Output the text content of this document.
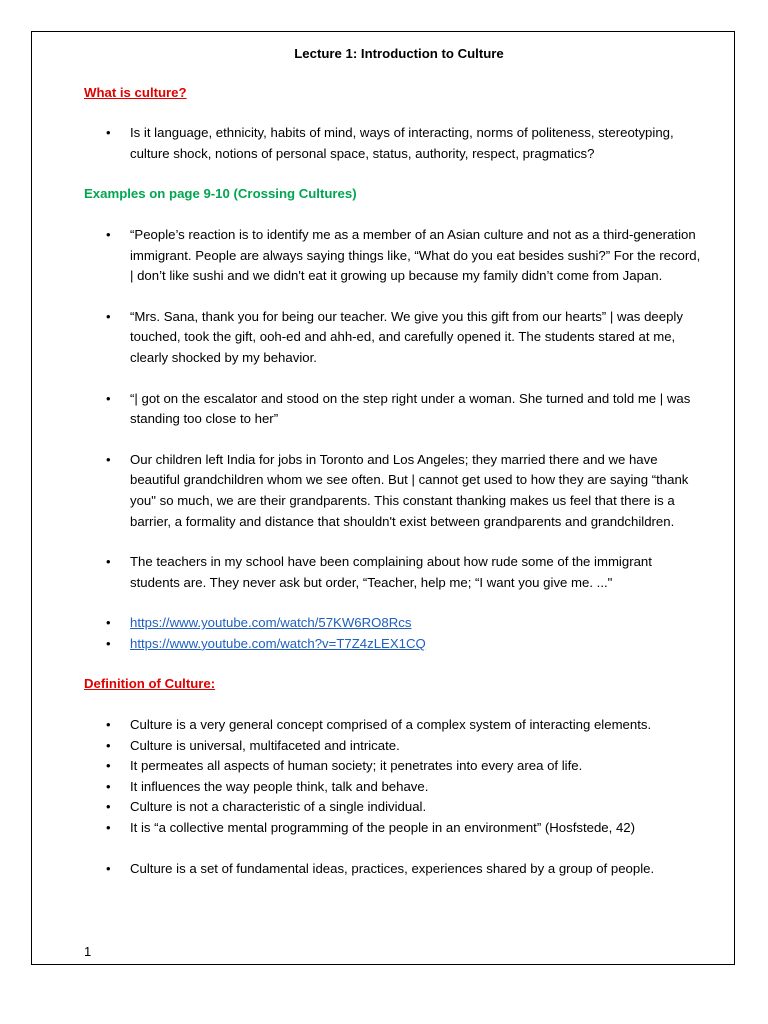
Lecture 1: Introduction to Culture

What is culture?

• Is it language, ethnicity, habits of mind, ways of interacting, norms of politeness, stereotyping, culture shock, notions of personal space, status, authority, respect, pragmatics?

Examples on page 9-10 (Crossing Cultures)

• “People’s reaction is to identify me as a member of an Asian culture and not as a third-generation immigrant. People are always saying things like, “What do you eat besides sushi?” For the record, | don’t like sushi and we didn't eat it growing up because my family didn’t come from Japan.
• “Mrs. Sana, thank you for being our teacher. We give you this gift from our hearts” | was deeply touched, took the gift, ooh-ed and ahh-ed, and carefully opened it. The students stared at me, clearly shocked by my behavior.
• “| got on the escalator and stood on the step right under a woman. She turned and told me | was standing too close to her”
• Our children left India for jobs in Toronto and Los Angeles; they married there and we have beautiful grandchildren whom we see often. But | cannot get used to how they are saying “thank you" so much, we are their grandparents. This constant thanking makes us feel that there is a barrier, a formality and distance that shouldn't exist between grandparents and grandchildren.
• The teachers in my school have been complaining about how rude some of the immigrant students are. They never ask but order, “Teacher, help me; “I want you give me. ..."
• https://www.youtube.com/watch/57KW6RO8Rcs
• https://www.youtube.com/watch?v=T7Z4zLEX1CQ

Definition of Culture:

• Culture is a very general concept comprised of a complex system of interacting elements.
• Culture is universal, multifaceted and intricate.
• It permeates all aspects of human society; it penetrates into every area of life.
• It influences the way people think, talk and behave.
• Culture is not a characteristic of a single individual.
• It is “a collective mental programming of the people in an environment” (Hosfstede, 42)
• Culture is a set of fundamental ideas, practices, experiences shared by a group of people.
1
